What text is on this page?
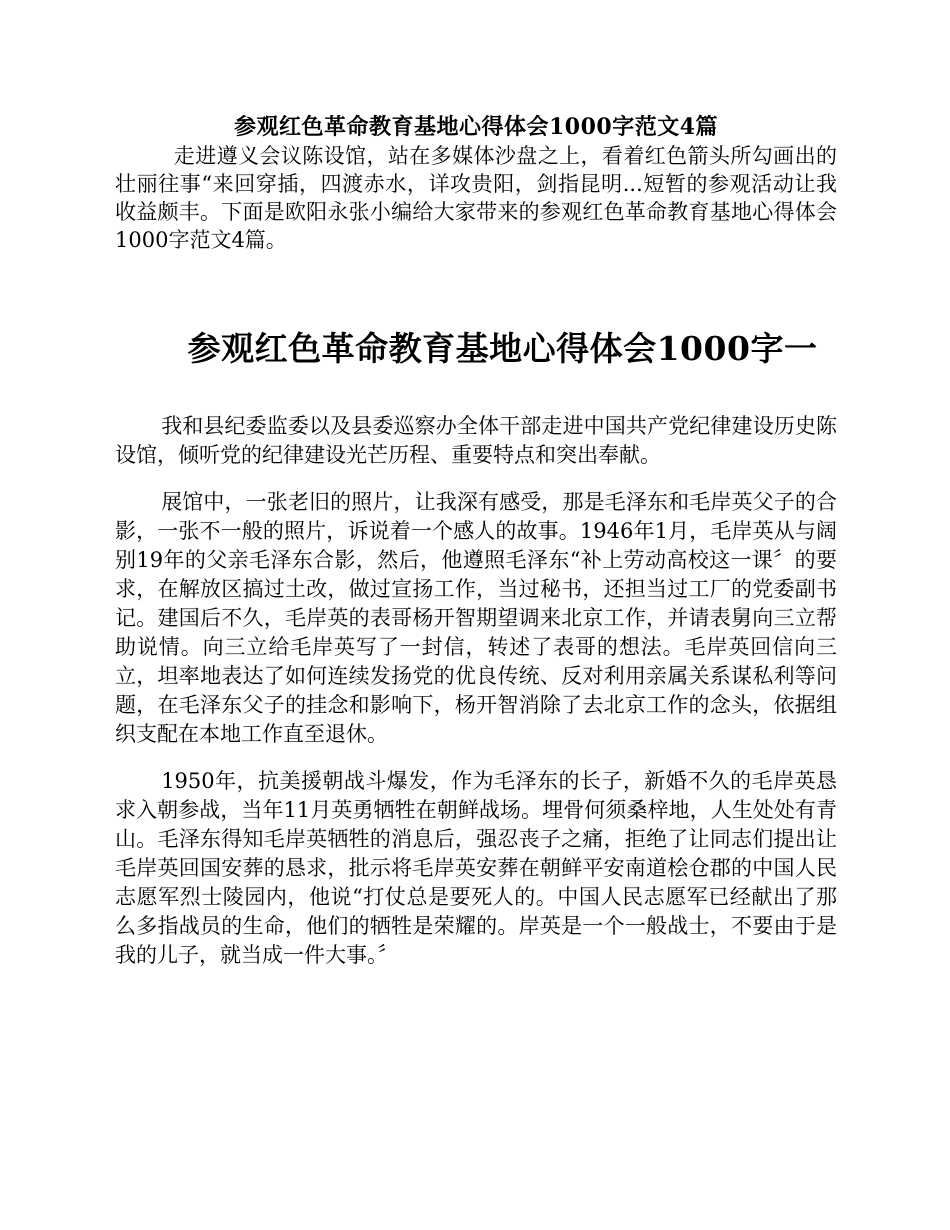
参观红色革命教育基地心得体会1000字范文4篇

走进遵义会议陈设馆，站在多媒体沙盘之上，看着红色箭头所勾画出的壮丽往事“来回穿插，四渡赤水，详攻贵阳，剑指昆明...短暂的参观活动让我收益颇丰。下面是欧阳永张小编给大家带来的参观红色革命教育基地心得体会1000字范文4篇。

参观红色革命教育基地心得体会1000字一

我和县纪委监委以及县委巡察办全体干部走进中国共产党纪律建设历史陈设馆，倾听党的纪律建设光芒历程、重要特点和突出奉献。

展馆中，一张老旧的照片，让我深有感受，那是毛泽东和毛岸英父子的合影，一张不一般的照片，诉说着一个感人的故事。1946年1月，毛岸英从与阔别19年的父亲毛泽东合影，然后，他遵照毛泽东“补上劳动高校这一课〞的要求，在解放区搞过土改，做过宣扬工作，当过秘书，还担当过工厂的党委副书记。建国后不久，毛岸英的表哥杨开智期望调来北京工作，并请表舅向三立帮助说情。向三立给毛岸英写了一封信，转述了表哥的想法。毛岸英回信向三立，坦率地表达了如何连续发扬党的优良传统、反对利用亲属关系谋私利等问题，在毛泽东父子的挂念和影响下，杨开智消除了去北京工作的念头，依据组织支配在本地工作直至退休。

1950年，抗美援朝战斗爆发，作为毛泽东的长子，新婚不久的毛岸英恳求入朝参战，当年11月英勇牺牲在朝鲜战场。埋骨何须桑梓地，人生处处有青山。毛泽东得知毛岸英牺牲的消息后，强忍丧子之痛，拒绝了让同志们提出让毛岸英回国安葬的恳求，批示将毛岸英安葬在朝鲜平安南道桧仓郡的中国人民志愿军烈士陵园内，他说“打仗总是要死人的。中国人民志愿军已经献出了那么多指战员的生命，他们的牺牲是荣耀的。岸英是一个一般战士，不要由于是我的儿子，就当成一件大事。〞
